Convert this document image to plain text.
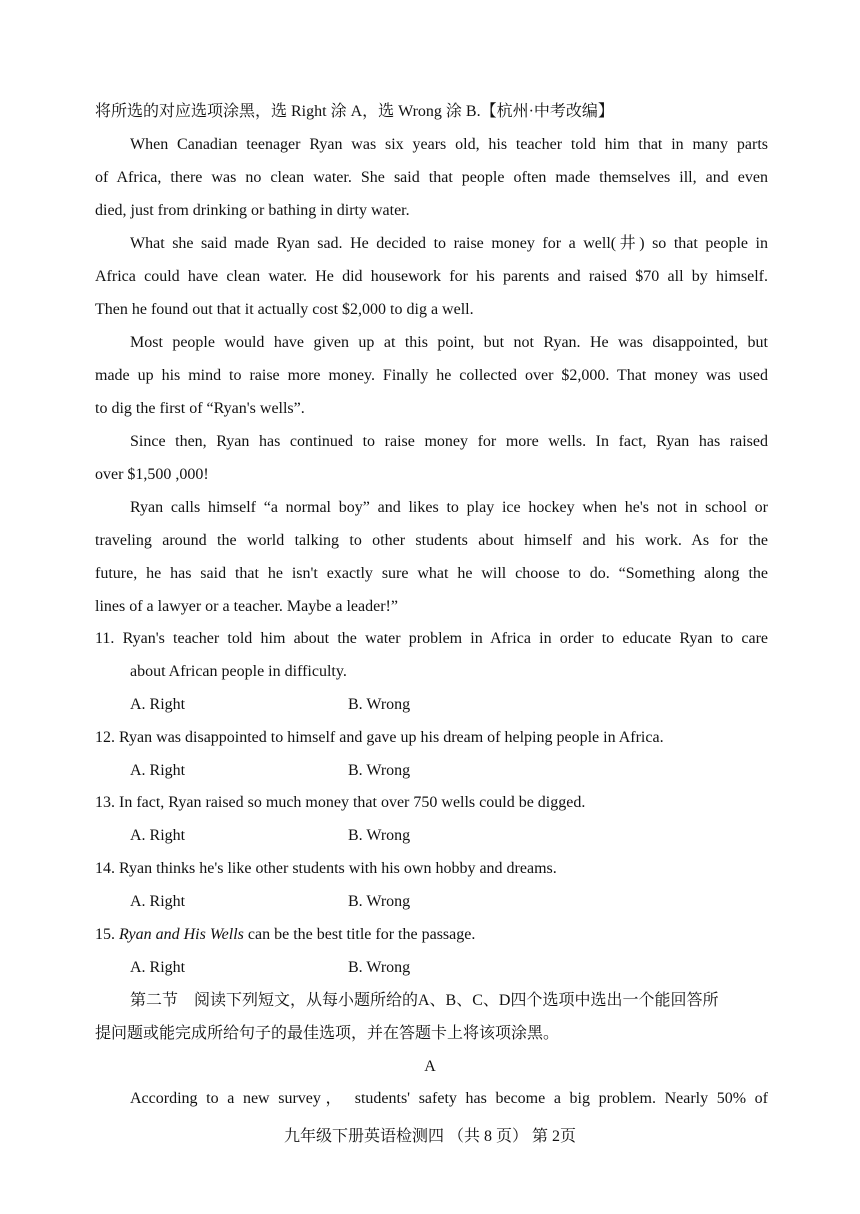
将所选的对应选项涂黑，选 Right 涂 A，选 Wrong 涂 B.【杭州·中考改编】
When Canadian teenager Ryan was six years old, his teacher told him that in many parts
of Africa, there was no clean water. She said that people often made themselves ill, and even
died, just from drinking or bathing in dirty water.
What she said made Ryan sad. He decided to raise money for a well(井) so that people in
Africa could have clean water. He did housework for his parents and raised $70 all by himself.
Then he found out that it actually cost $2,000 to dig a well.
Most people would have given up at this point, but not Ryan. He was disappointed, but
made up his mind to raise more money. Finally he collected over $2,000. That money was used
to dig the first of “Ryan's wells”.
Since then, Ryan has continued to raise money for more wells. In fact, Ryan has raised
over $1,500 ,000!
Ryan calls himself “a normal boy” and likes to play ice hockey when he's not in school or
traveling around the world talking to other students about himself and his work. As for the
future, he has said that he isn't exactly sure what he will choose to do. “Something along the
lines of a lawyer or a teacher. Maybe a leader!”
11. Ryan's teacher told him about the water problem in Africa in order to educate Ryan to care
about African people in difficulty.
A. Right	B. Wrong
12. Ryan was disappointed to himself and gave up his dream of helping people in Africa.
A. Right	B. Wrong
13. In fact, Ryan raised so much money that over 750 wells could be digged.
A. Right	B. Wrong
14. Ryan thinks he's like other students with his own hobby and dreams.
A. Right	B. Wrong
15. Ryan and His Wells can be the best title for the passage.
A. Right	B. Wrong
第二节　阅读下列短文，从每小题所给的A、B、C、D四个选项中选出一个能回答所
提问题或能完成所给句子的最佳选项，并在答题卡上将该项涂黑。
A
According to a new survey， students' safety has become a big problem. Nearly 50% of
九年级下册英语检测四 （共 8 页） 第 2页
